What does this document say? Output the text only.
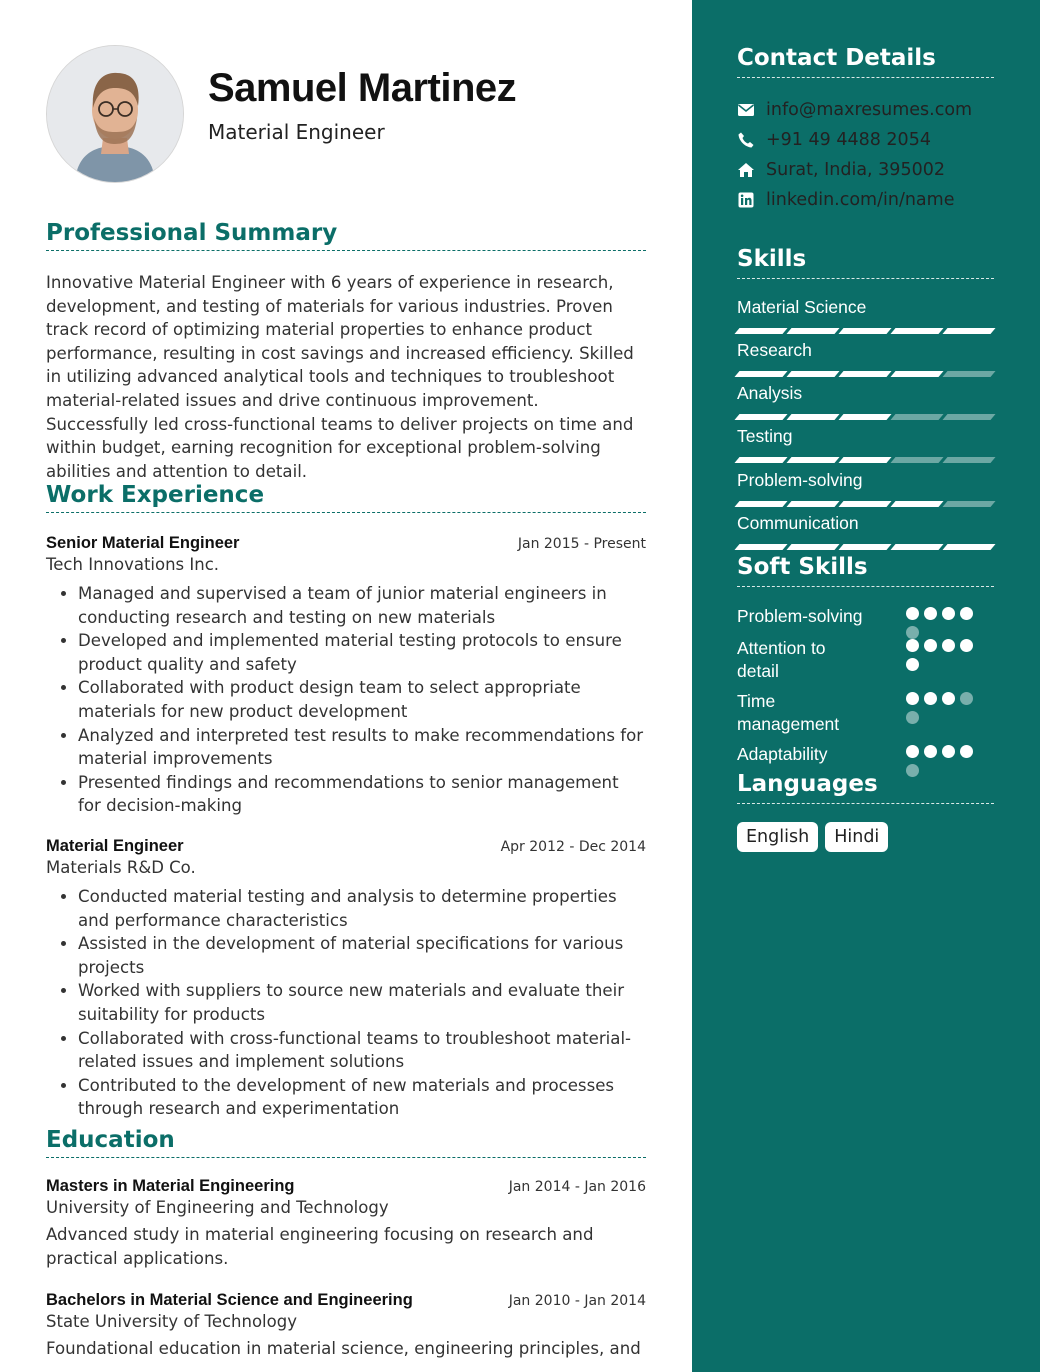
Samuel Martinez
Material Engineer
Professional Summary
Innovative Material Engineer with 6 years of experience in research, development, and testing of materials for various industries. Proven track record of optimizing material properties to enhance product performance, resulting in cost savings and increased efficiency. Skilled in utilizing advanced analytical tools and techniques to troubleshoot material-related issues and drive continuous improvement. Successfully led cross-functional teams to deliver projects on time and within budget, earning recognition for exceptional problem-solving abilities and attention to detail.
Work Experience
Senior Material Engineer	Jan 2015 - Present
Tech Innovations Inc.
• Managed and supervised a team of junior material engineers in conducting research and testing on new materials
• Developed and implemented material testing protocols to ensure product quality and safety
• Collaborated with product design team to select appropriate materials for new product development
• Analyzed and interpreted test results to make recommendations for material improvements
• Presented findings and recommendations to senior management for decision-making
Material Engineer	Apr 2012 - Dec 2014
Materials R&D Co.
• Conducted material testing and analysis to determine properties and performance characteristics
• Assisted in the development of material specifications for various projects
• Worked with suppliers to source new materials and evaluate their suitability for products
• Collaborated with cross-functional teams to troubleshoot material-related issues and implement solutions
• Contributed to the development of new materials and processes through research and experimentation
Education
Masters in Material Engineering	Jan 2014 - Jan 2016
University of Engineering and Technology
Advanced study in material engineering focusing on research and practical applications.
Bachelors in Material Science and Engineering	Jan 2010 - Jan 2014
State University of Technology
Foundational education in material science, engineering principles, and
Contact Details
info@maxresumes.com
+91 49 4488 2054
Surat, India, 395002
linkedin.com/in/name
Skills
Material Science
Research
Analysis
Testing
Problem-solving
Communication
Soft Skills
Problem-solving
Attention to detail
Time management
Adaptability
Languages
English	Hindi
